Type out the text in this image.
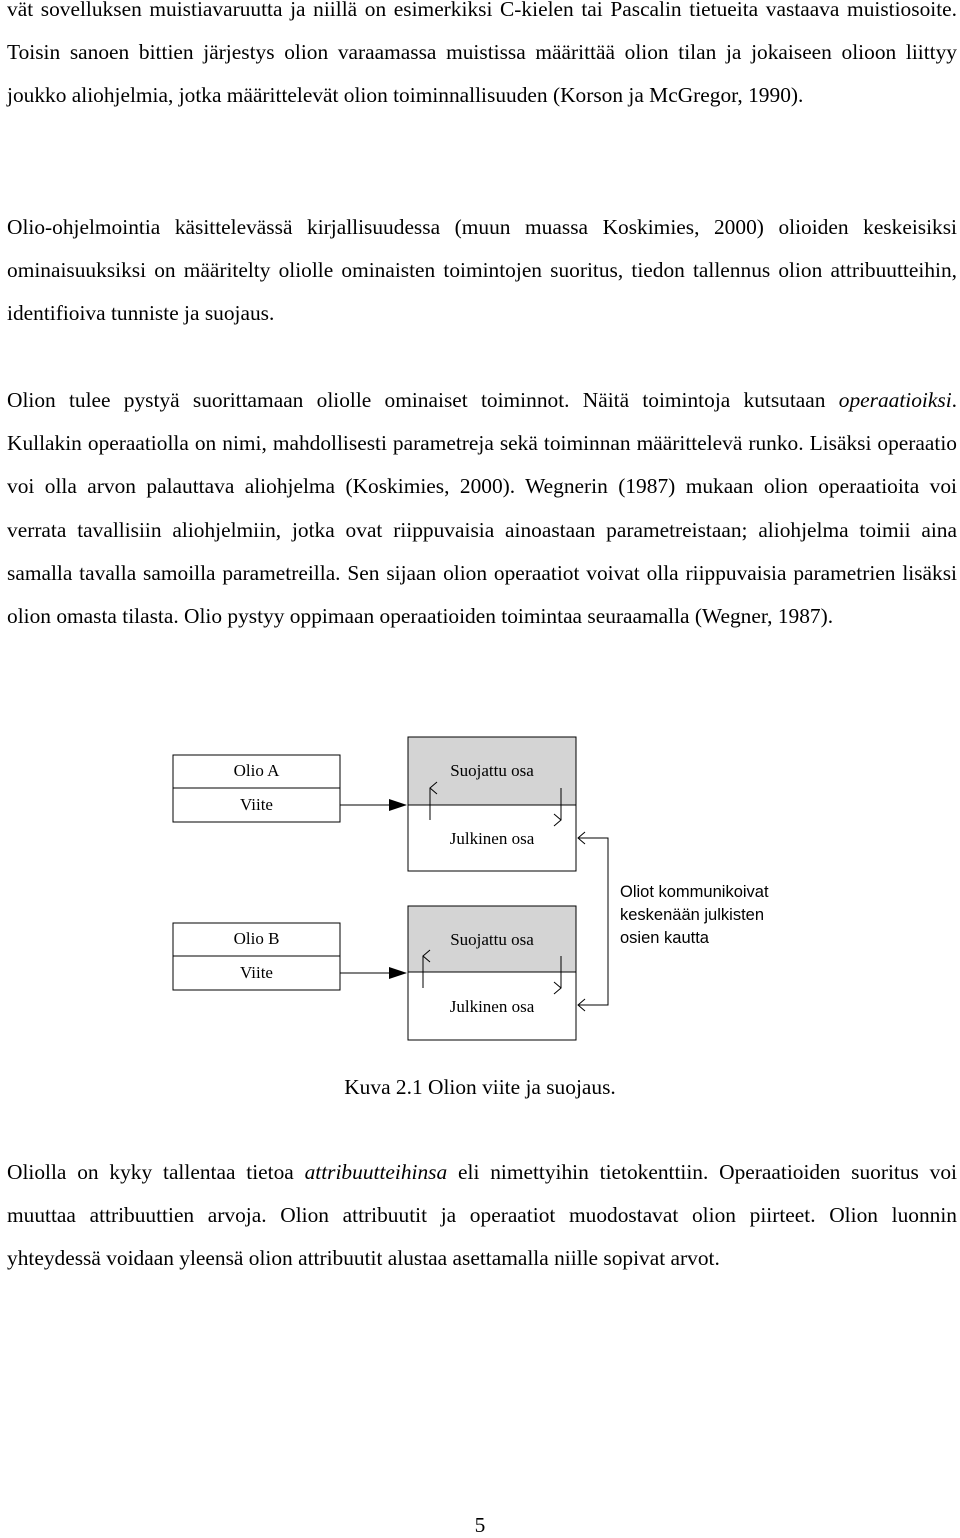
vät sovelluksen muistiavaruutta ja niillä on esimerkiksi C-kielen tai Pascalin tietueita vastaava muistiosoite. Toisin sanoen bittien järjestys olion varaamassa muistissa määrittää olion tilan ja jokaiseen olioon liittyy joukko aliohjelmia, jotka määrittelevät olion toiminnallisuuden (Korson ja McGregor, 1990).

Olio-ohjelmointia käsittelevässä kirjallisuudessa (muun muassa Koskimies, 2000) olioiden keskeisiksi ominaisuuksiksi on määritelty oliolle ominaisten toimintojen suoritus, tiedon tallennus olion attribuutteihin, identifioiva tunniste ja suojaus.

Olion tulee pystyä suorittamaan oliolle ominaiset toiminnot. Näitä toimintoja kutsutaan operaatioiksi. Kullakin operaatiolla on nimi, mahdollisesti parametreja sekä toiminnan määrittelevä runko. Lisäksi operaatio voi olla arvon palauttava aliohjelma (Koskimies, 2000). Wegnerin (1987) mukaan olion operaatioita voi verrata tavallisiin aliohjelmiin, jotka ovat riippuvaisia ainoastaan parametreistaan; aliohjelma toimii aina samalla tavalla samoilla parametreilla. Sen sijaan olion operaatiot voivat olla riippuvaisia parametrien lisäksi olion omasta tilasta. Olio pystyy oppimaan operaatioiden toimintaa seuraamalla (Wegner, 1987).

Olio A
Viite
Olio B
Viite
Suojattu osa
Julkinen osa
Suojattu osa
Julkinen osa
Oliot kommunikoivat
keskenään julkisten
osien kautta
Kuva 2.1 Olion viite ja suojaus.

Oliolla on kyky tallentaa tietoa attribuutteihinsa eli nimettyihin tietokenttiin. Operaatioiden suoritus voi muuttaa attribuuttien arvoja. Olion attribuutit ja operaatiot muodostavat olion piirteet. Olion luonnin yhteydessä voidaan yleensä olion attribuutit alustaa asettamalla niille sopivat arvot.

5
